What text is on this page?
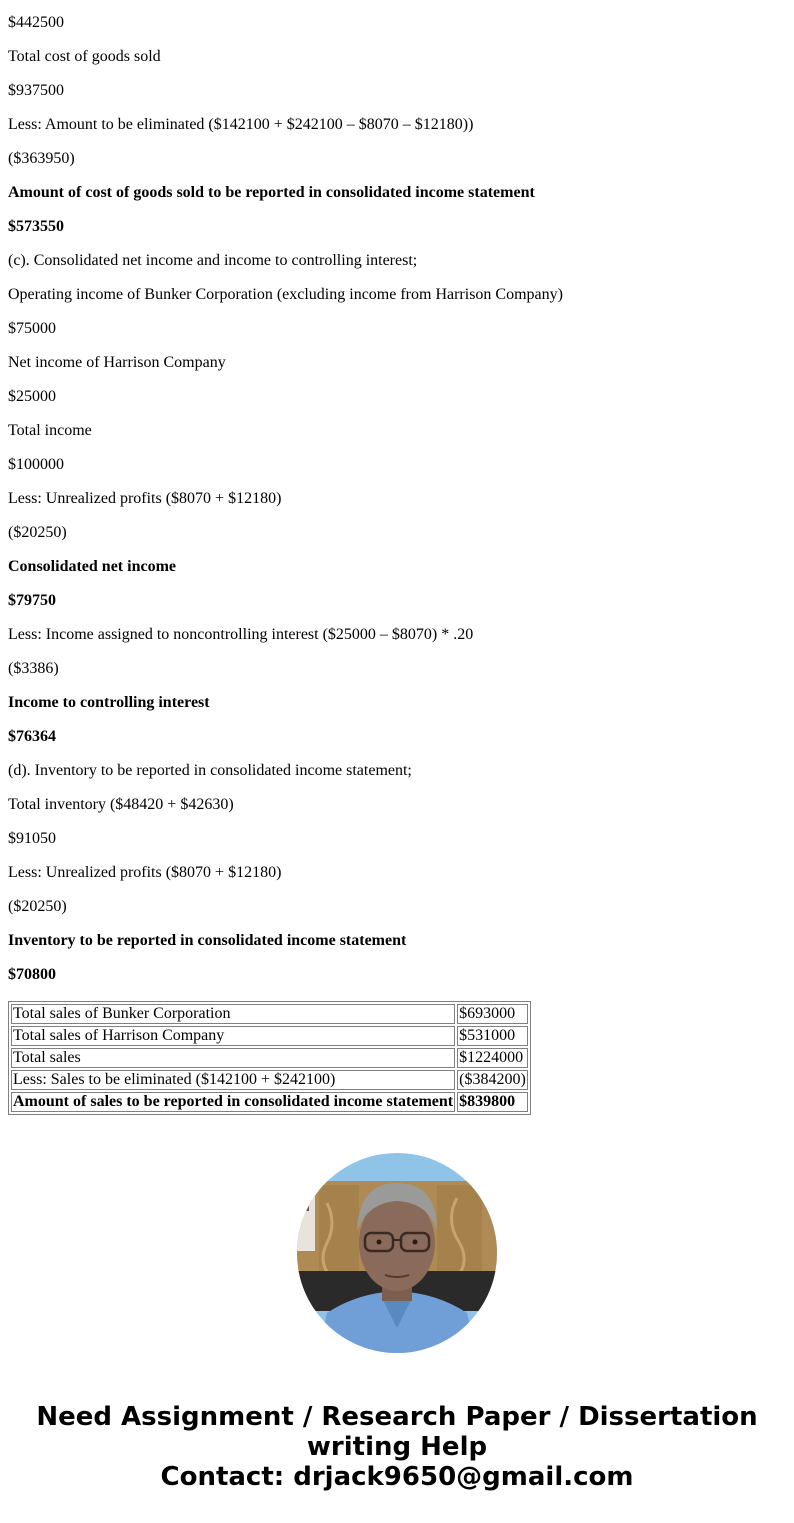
$442500

Total cost of goods sold

$937500

Less: Amount to be eliminated ($142100 + $242100 – $8070 – $12180))

($363950)

Amount of cost of goods sold to be reported in consolidated income statement

$573550

(c). Consolidated net income and income to controlling interest;

Operating income of Bunker Corporation (excluding income from Harrison Company)

$75000

Net income of Harrison Company

$25000

Total income

$100000

Less: Unrealized profits ($8070 + $12180)

($20250)

Consolidated net income

$79750

Less: Income assigned to noncontrolling interest ($25000 – $8070) * .20

($3386)

Income to controlling interest

$76364

(d). Inventory to be reported in consolidated income statement;

Total inventory ($48420 + $42630)

$91050

Less: Unrealized profits ($8070 + $12180)

($20250)

Inventory to be reported in consolidated income statement

$70800

Total sales of Bunker Corporation	$693000
Total sales of Harrison Company	$531000
Total sales	$1224000
Less: Sales to be eliminated ($142100 + $242100)	($384200)
Amount of sales to be reported in consolidated income statement	$839800
Need Assignment / Research Paper / Dissertation
writing Help
Contact: drjack9650@gmail.com
